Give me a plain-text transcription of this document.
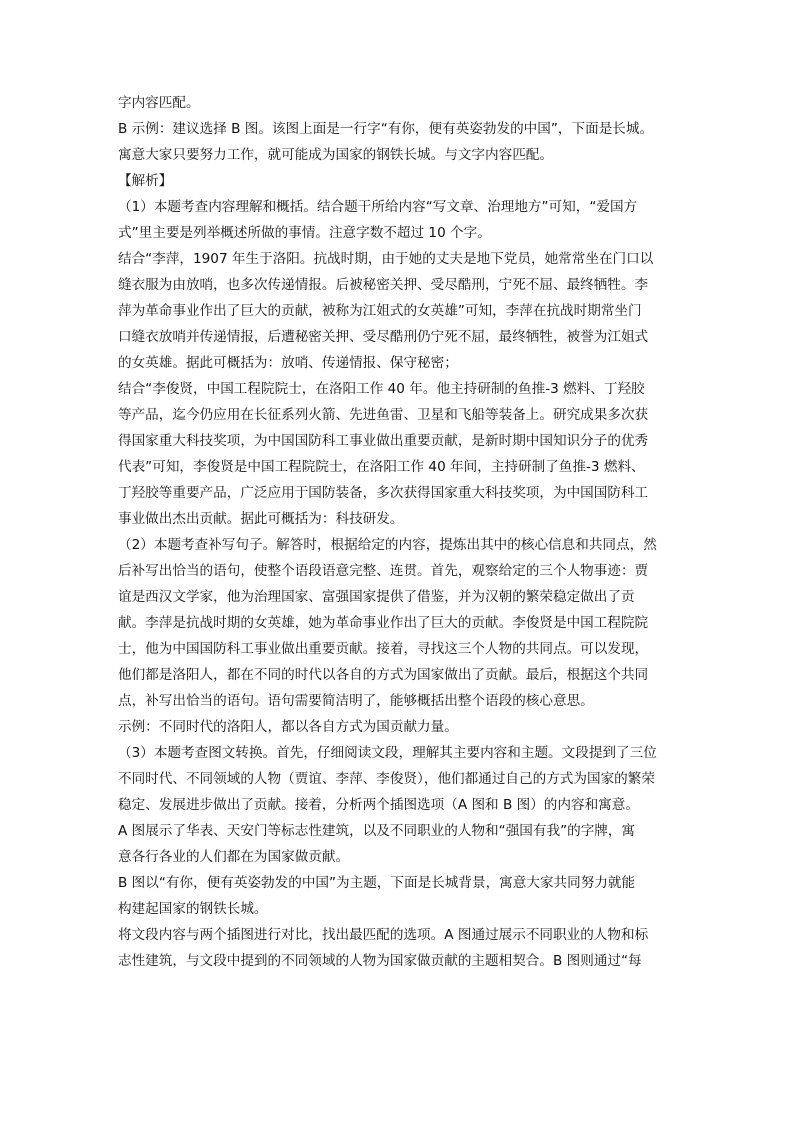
字内容匹配。
B 示例：建议选择 B 图。该图上面是一行字“有你，便有英姿勃发的中国”，下面是长城。
寓意大家只要努力工作，就可能成为国家的钢铁长城。与文字内容匹配。
【解析】
（1）本题考查内容理解和概括。结合题干所给内容“写文章、治理地方”可知，“爱国方
式”里主要是列举概述所做的事情。注意字数不超过 10 个字。
结合“李萍，1907 年生于洛阳。抗战时期，由于她的丈夫是地下党员，她常常坐在门口以
缝衣服为由放哨，也多次传递情报。后被秘密关押、受尽酷刑，宁死不屈、最终牺牲。李
萍为革命事业作出了巨大的贡献，被称为江姐式的女英雄”可知，李萍在抗战时期常坐门
口缝衣放哨并传递情报，后遭秘密关押、受尽酷刑仍宁死不屈，最终牺牲，被誉为江姐式
的女英雄。据此可概括为：放哨、传递情报、保守秘密；
结合“李俊贤，中国工程院院士，在洛阳工作 40 年。他主持研制的鱼推-3 燃料、丁羟胶
等产品，迄今仍应用在长征系列火箭、先进鱼雷、卫星和飞船等装备上。研究成果多次获
得国家重大科技奖项，为中国国防科工事业做出重要贡献，是新时期中国知识分子的优秀
代表”可知，李俊贤是中国工程院院士，在洛阳工作 40 年间，主持研制了鱼推-3 燃料、
丁羟胶等重要产品，广泛应用于国防装备，多次获得国家重大科技奖项，为中国国防科工
事业做出杰出贡献。据此可概括为：科技研发。
（2）本题考查补写句子。解答时，根据给定的内容，提炼出其中的核心信息和共同点，然
后补写出恰当的语句，使整个语段语意完整、连贯。首先，观察给定的三个人物事迹：贾
谊是西汉文学家，他为治理国家、富强国家提供了借鉴，并为汉朝的繁荣稳定做出了贡
献。李萍是抗战时期的女英雄，她为革命事业作出了巨大的贡献。李俊贤是中国工程院院
士，他为中国国防科工事业做出重要贡献。接着，寻找这三个人物的共同点。可以发现，
他们都是洛阳人，都在不同的时代以各自的方式为国家做出了贡献。最后，根据这个共同
点，补写出恰当的语句。语句需要简洁明了，能够概括出整个语段的核心意思。
示例：不同时代的洛阳人，都以各自方式为国贡献力量。
（3）本题考查图文转换。首先，仔细阅读文段，理解其主要内容和主题。文段提到了三位
不同时代、不同领域的人物（贾谊、李萍、李俊贤），他们都通过自己的方式为国家的繁荣
稳定、发展进步做出了贡献。接着，分析两个插图选项（A 图和 B 图）的内容和寓意。
A 图展示了华表、天安门等标志性建筑，以及不同职业的人物和“强国有我”的字牌，寓
意各行各业的人们都在为国家做贡献。
B 图以“有你，便有英姿勃发的中国”为主题，下面是长城背景，寓意大家共同努力就能
构建起国家的钢铁长城。
将文段内容与两个插图进行对比，找出最匹配的选项。A 图通过展示不同职业的人物和标
志性建筑，与文段中提到的不同领域的人物为国家做贡献的主题相契合。B 图则通过“每
